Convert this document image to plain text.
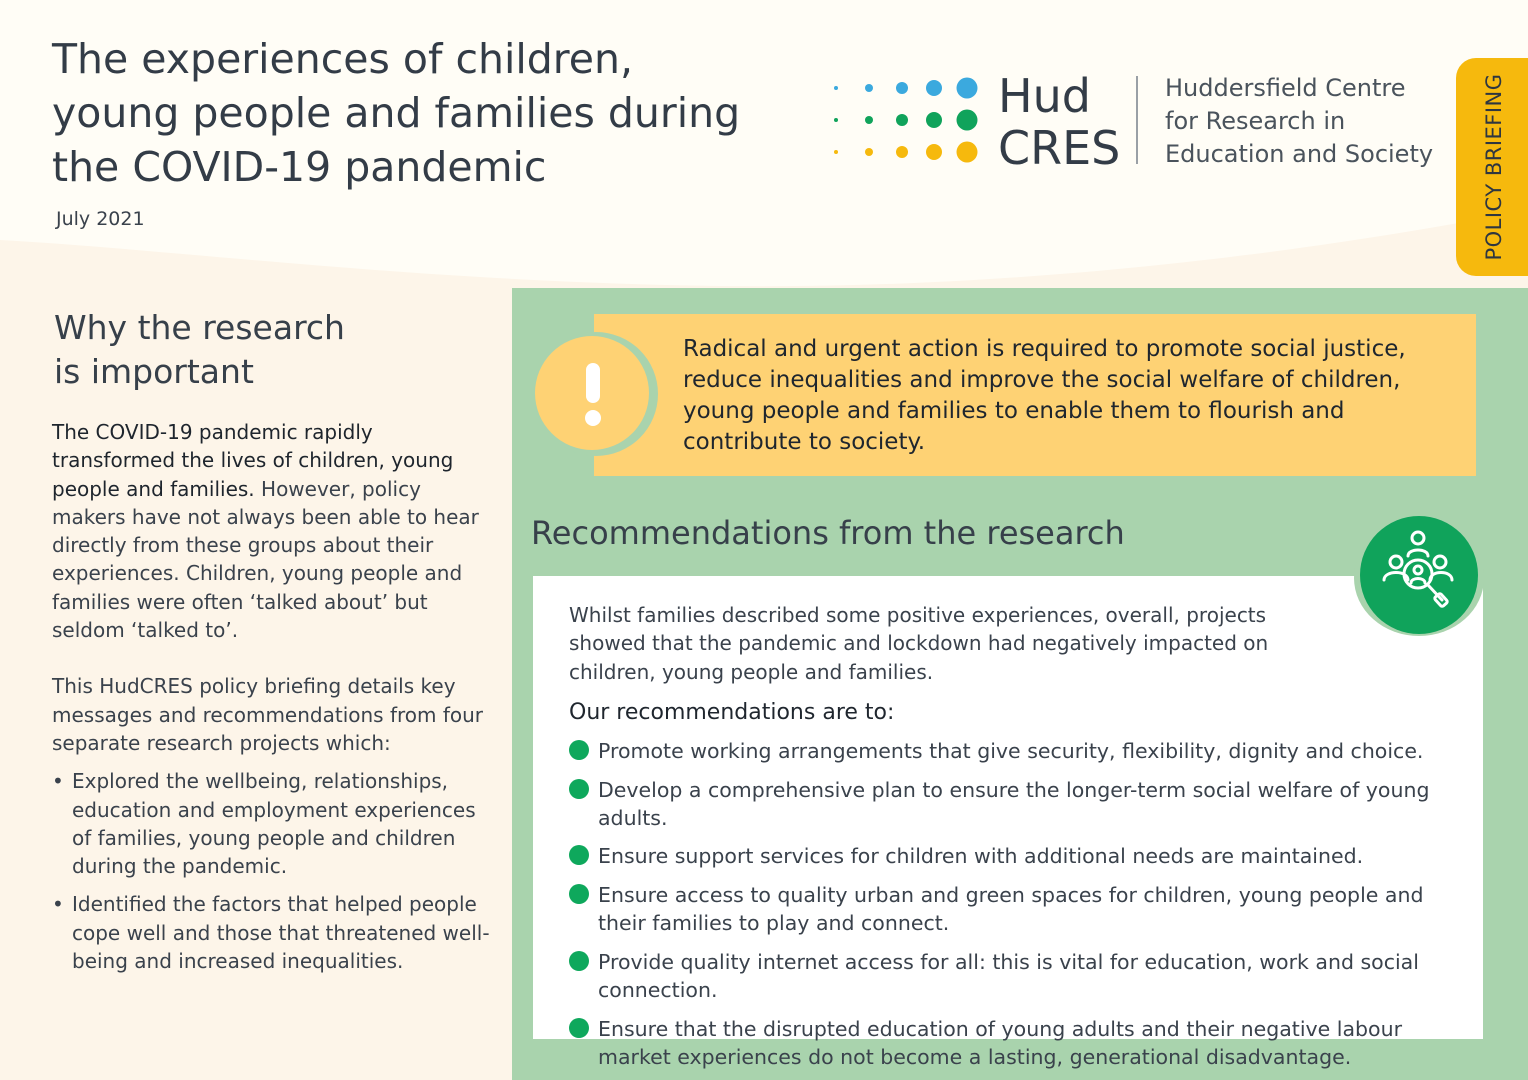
The experiences of children,
young people and families during
the COVID-19 pandemic
July 2021
Hud
CRES
Huddersfield Centre
for Research in
Education and Society POLICY BRIEFING
Why the research
is important

The COVID-19 pandemic rapidly transformed the lives of children, young people and families. However, policy makers have not always been able to hear directly from these groups about their experiences. Children, young people and families were often ‘talked about’ but seldom ‘talked to’.

This HudCRES policy briefing details key messages and recommendations from four separate research projects which:

• Explored the wellbeing, relationships, education and employment experiences of families, young people and children during the pandemic.
• Identified the factors that helped people cope well and those that threatened well-being and increased inequalities.
Radical and urgent action is required to promote social justice, reduce inequalities and improve the social welfare of children, young people and families to enable them to flourish and contribute to society.
Recommendations from the research
Whilst families described some positive experiences, overall, projects showed that the pandemic and lockdown had negatively impacted on children, young people and families.
Our recommendations are to:
Promote working arrangements that give security, flexibility, dignity and choice.
Develop a comprehensive plan to ensure the longer-term social welfare of young adults.
Ensure support services for children with additional needs are maintained.
Ensure access to quality urban and green spaces for children, young people and their families to play and connect.
Provide quality internet access for all: this is vital for education, work and social connection.
Ensure that the disrupted education of young adults and their negative labour market experiences do not become a lasting, generational disadvantage.
